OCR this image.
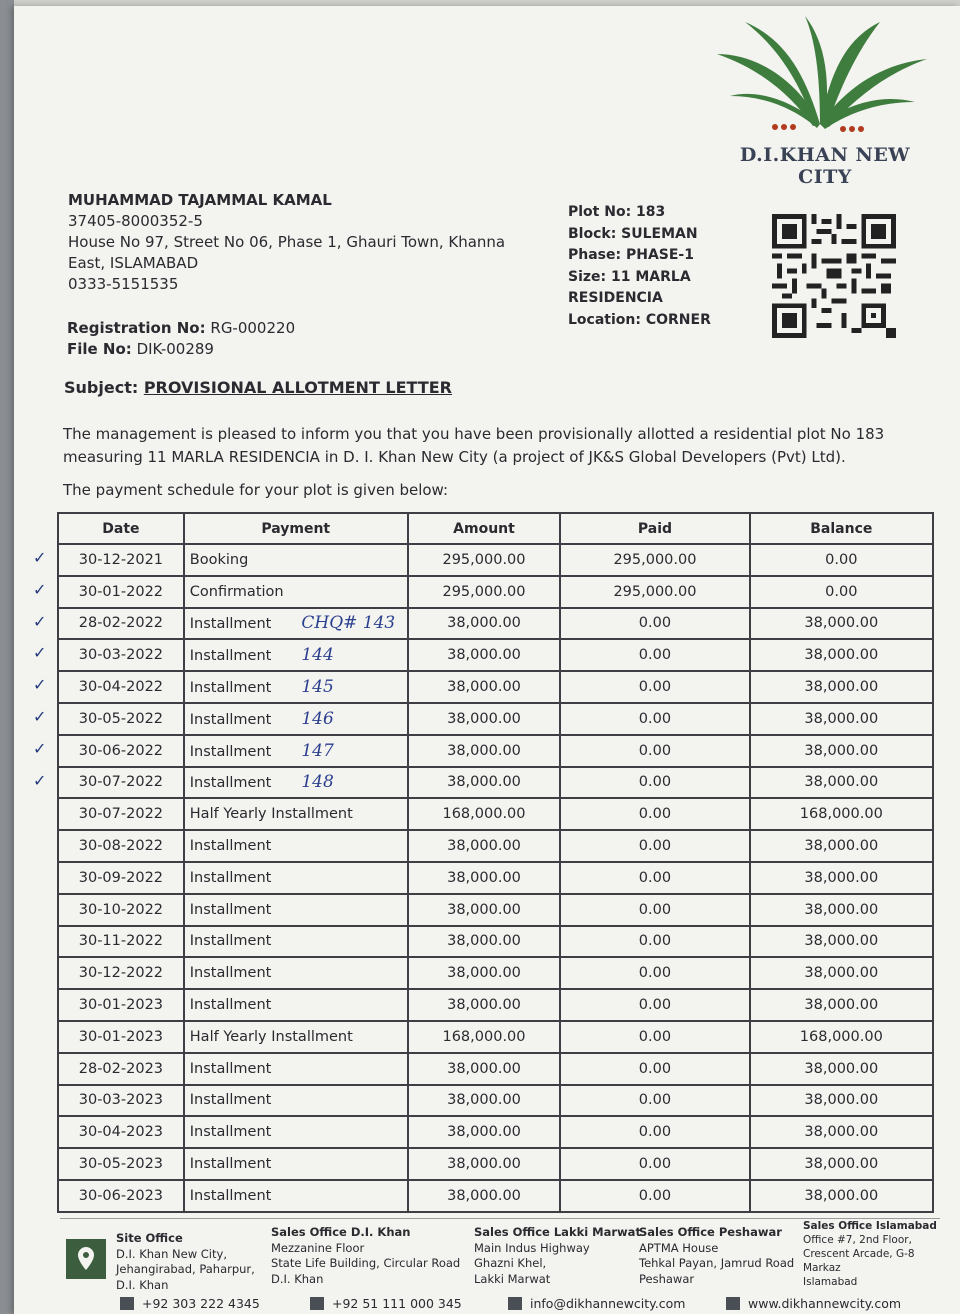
D.I.KHAN NEW CITY
MUHAMMAD TAJAMMAL KAMAL
37405-8000352-5
House No 97, Street No 06, Phase 1, Ghauri Town, Khanna
East, ISLAMABAD
0333-5151535
Plot No: 183
Block: SULEMAN
Phase: PHASE-1
Size: 11 MARLA
RESIDENCIA
Location: CORNER
Registration No: RG-000220
File No: DIK-00289
Subject: PROVISIONAL ALLOTMENT LETTER
The management is pleased to inform you that you have been provisionally allotted a residential plot No 183 measuring 11 MARLA RESIDENCIA in D. I. Khan New City (a project of JK&S Global Developers (Pvt) Ltd).
The payment schedule for your plot is given below:
Date	Payment	Amount	Paid	Balance
30-12-2021	Booking	295,000.00	295,000.00	0.00
30-01-2022	Confirmation	295,000.00	295,000.00	0.00
28-02-2022	Installment CHQ# 143	38,000.00	0.00	38,000.00
30-03-2022	Installment 144	38,000.00	0.00	38,000.00
30-04-2022	Installment 145	38,000.00	0.00	38,000.00
30-05-2022	Installment 146	38,000.00	0.00	38,000.00
30-06-2022	Installment 147	38,000.00	0.00	38,000.00
30-07-2022	Installment 148	38,000.00	0.00	38,000.00
30-07-2022	Half Yearly Installment	168,000.00	0.00	168,000.00
30-08-2022	Installment	38,000.00	0.00	38,000.00
30-09-2022	Installment	38,000.00	0.00	38,000.00
30-10-2022	Installment	38,000.00	0.00	38,000.00
30-11-2022	Installment	38,000.00	0.00	38,000.00
30-12-2022	Installment	38,000.00	0.00	38,000.00
30-01-2023	Installment	38,000.00	0.00	38,000.00
30-01-2023	Half Yearly Installment	168,000.00	0.00	168,000.00
28-02-2023	Installment	38,000.00	0.00	38,000.00
30-03-2023	Installment	38,000.00	0.00	38,000.00
30-04-2023	Installment	38,000.00	0.00	38,000.00
30-05-2023	Installment	38,000.00	0.00	38,000.00
30-06-2023	Installment	38,000.00	0.00	38,000.00
✓
✓
✓
✓
✓
✓
✓
✓
Site Office
D.I. Khan New City,
Jehangirabad, Paharpur,
D.I. Khan
Sales Office D.I. Khan
Mezzanine Floor
State Life Building, Circular Road
D.I. Khan
Sales Office Lakki Marwat
Main Indus Highway
Ghazni Khel,
Lakki Marwat
Sales Office Peshawar
APTMA House
Tehkal Payan, Jamrud Road
Peshawar
Sales Office Islamabad
Office #7, 2nd Floor,
Crescent Arcade, G-8 Markaz
Islamabad
+92 303 222 4345	+92 51 111 000 345	info@dikhannewcity.com	www.dikhannewcity.com
